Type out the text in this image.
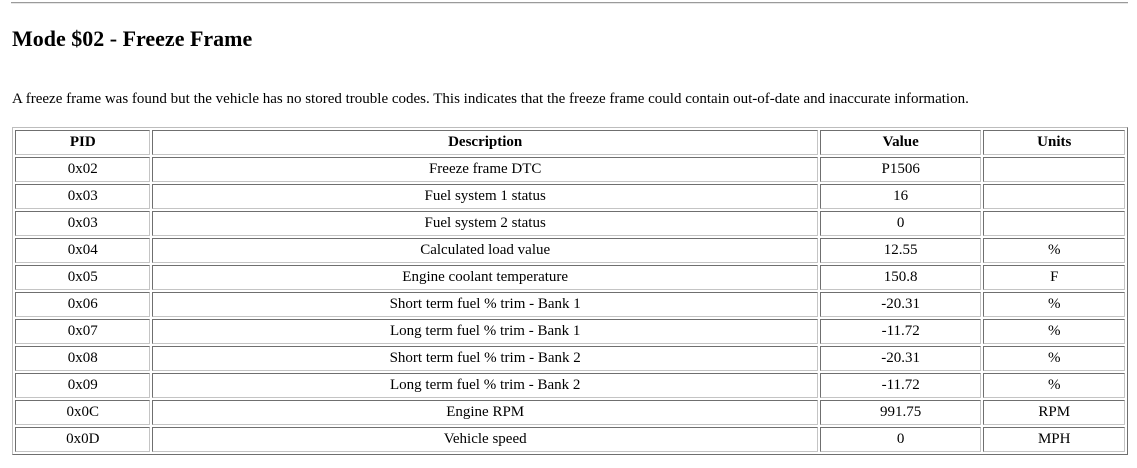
Mode $02 - Freeze Frame

A freeze frame was found but the vehicle has no stored trouble codes. This indicates that the freeze frame could contain out-of-date and inaccurate information.

PID	Description	Value	Units
0x02	Freeze frame DTC	P1506	
0x03	Fuel system 1 status	16	
0x03	Fuel system 2 status	0	
0x04	Calculated load value	12.55	%
0x05	Engine coolant temperature	150.8	F
0x06	Short term fuel % trim - Bank 1	-20.31	%
0x07	Long term fuel % trim - Bank 1	-11.72	%
0x08	Short term fuel % trim - Bank 2	-20.31	%
0x09	Long term fuel % trim - Bank 2	-11.72	%
0x0C	Engine RPM	991.75	RPM
0x0D	Vehicle speed	0	MPH
